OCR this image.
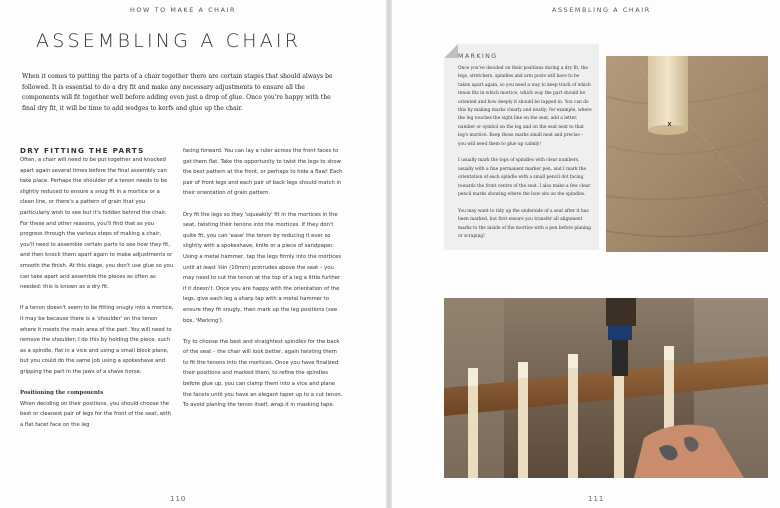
HOW TO MAKE A CHAIR
ASSEMBLING A CHAIR

When it comes to putting the parts of a chair together there are certain stages that should always be followed. It is essential to do a dry fit and make any necessary adjustments to ensure all the components will fit together well before adding even just a drop of glue. Once you're happy with the final dry fit, it will be time to add wedges to kerfs and glue up the chair.

DRY FITTING THE PARTS

Often, a chair will need to be put together and knocked apart again several times before the final assembly can take place. Perhaps the shoulder of a tenon needs to be slightly reduced to ensure a snug fit in a mortice or a clean line, or there's a pattern of grain that you particularly wish to see but it's hidden behind the chair. For these and other reasons, you'll find that as you progress through the various steps of making a chair, you'll need to assemble certain parts to see how they fit, and then knock them apart again to make adjustments or smooth the finish. At this stage, you don't use glue so you can take apart and assemble the pieces as often as needed: this is known as a dry fit.

If a tenon doesn't seem to be fitting snugly into a mortice, it may be because there is a 'shoulder' on the tenon where it meets the main area of the part. You will need to remove the shoulder; I do this by holding the piece, such as a spindle, flat in a vice and using a small block plane, but you could do the same job using a spokeshave and gripping the part in the jaws of a shave horse.

Positioning the components

When deciding on their positions, you should choose the best or cleanest pair of legs for the front of the seat, with a flat facet face on the leg

facing forward. You can lay a ruler across the front faces to get them flat. Take the opportunity to twist the legs to show the best pattern at the front, or perhaps to hide a flaw! Each pair of front legs and each pair of back legs should match in their orientation of grain pattern.

Dry fit the legs so they 'squeakily' fit in the mortices in the seat, twisting their tenons into the mortices. If they don't quite fit, you can 'ease' the tenon by reducing it ever so slightly with a spokeshave, knife or a piece of sandpaper. Using a metal hammer, tap the legs firmly into the mortices until at least ⅜in (10mm) protrudes above the seat – you may need to cut the tenon at the top of a leg a little further if it doesn't. Once you are happy with the orientation of the legs, give each leg a sharp tap with a metal hammer to ensure they fit snugly, then mark up the leg positions (see box, 'Marking').

Try to choose the best and straightest spindles for the back of the seat – the chair will look better, again twisting them to fit the tenons into the mortices. Once you have finalized their positions and marked them, to refine the spindles before glue up, you can clamp them into a vice and plane the facets until you have an elegant taper up to a cut tenon. To avoid planing the tenon itself, wrap it in masking tape.

110
ASSEMBLING A CHAIR
MARKING

Once you've decided on their positions during a dry fit, the legs, stretchers, spindles and arm posts will have to be taken apart again, so you need a way to keep track of which tenon fits in which mortice, which way the part should be oriented and how deeply it should be tapped in. You can do this by making marks clearly and neatly; for example, where the leg touches the sight line on the seat, add a letter, number or symbol on the leg and on the seat next to that leg's mortice. Keep these marks small neat and precise – you will need them to glue up calmly!

I usually mark the tops of spindles with clear numbers, usually with a fine permanent marker pen, and I mark the orientation of each spindle with a small pencil dot facing towards the front centre of the seat. I also make a few clear pencil marks showing where the bow sits on the spindles.

You may want to tidy up the underside of a seat after it has been marked, but first ensure you transfer all alignment marks to the inside of the mortice with a pen before planing or scraping!

111
